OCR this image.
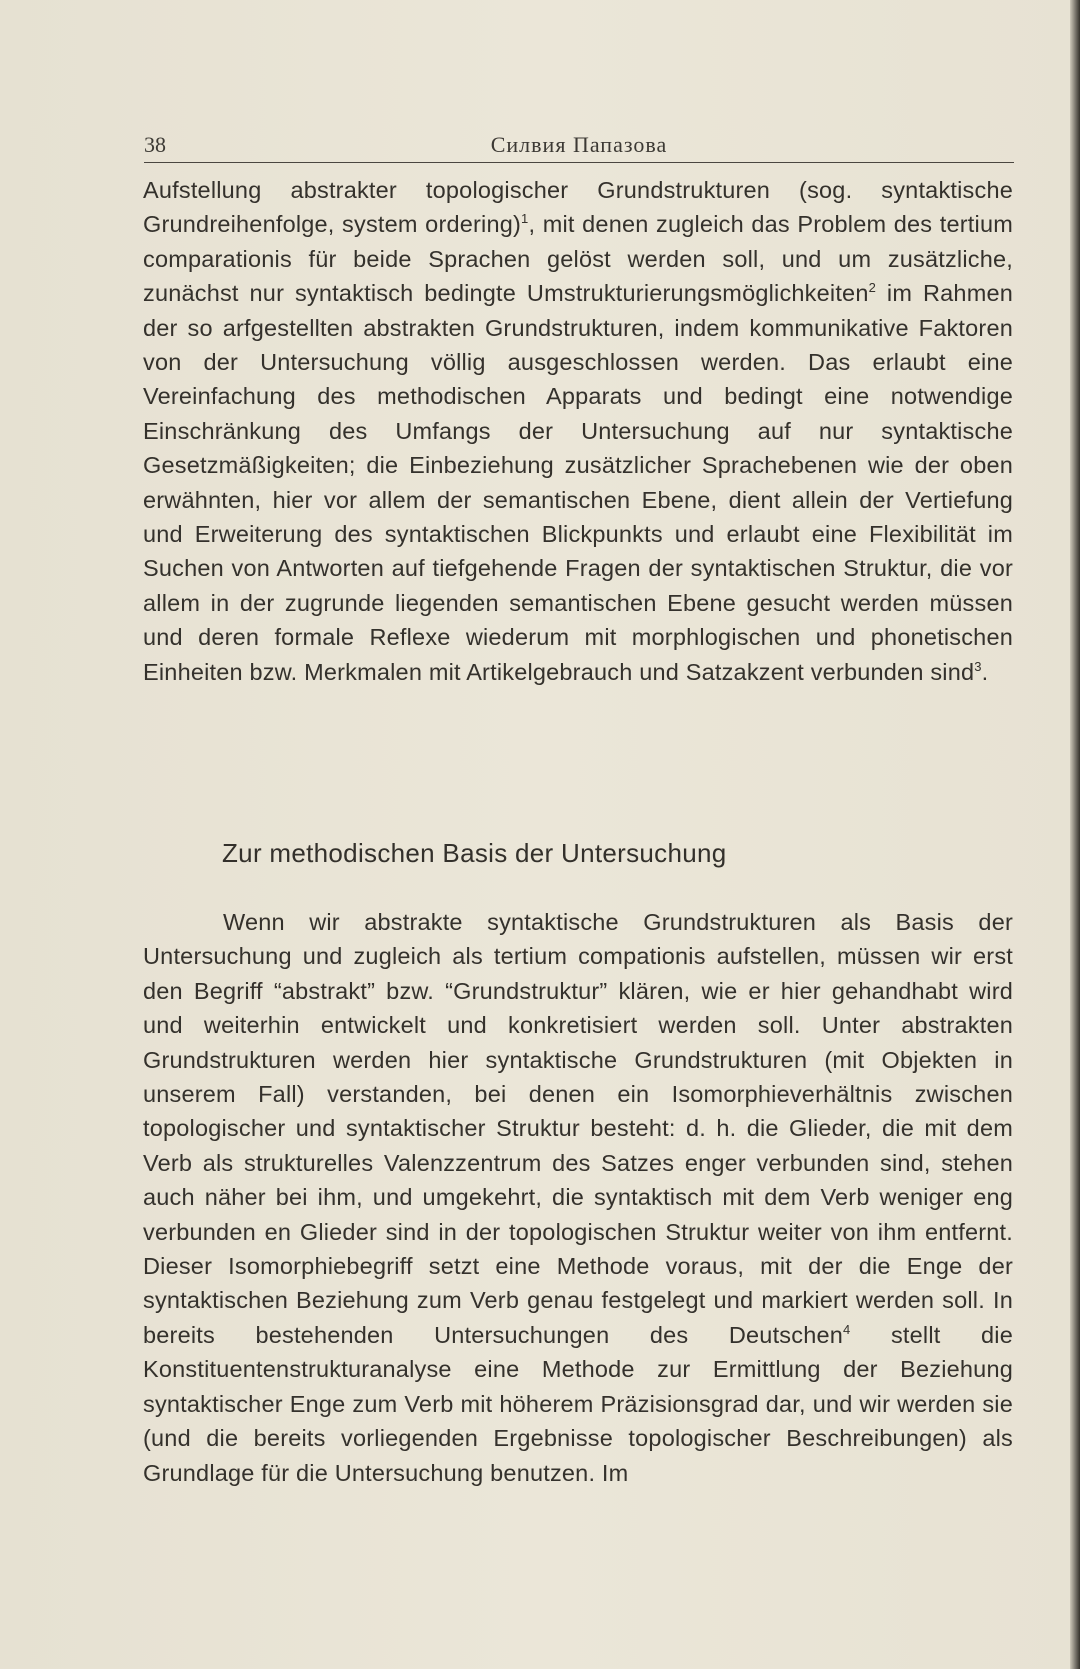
38	Силвия Папазова

Aufstellung abstrakter topologischer Grundstrukturen (sog. syntaktische Grundreihenfolge, system ordering)$^1$, mit denen zugleich das Problem des tertium comparationis für beide Sprachen gelöst werden soll, und um zusätzliche, zunächst nur syntaktisch bedingte Umstrukturierungsmöglichkeiten$^2$ im Rahmen der so arfgestellten abstrakten Grundstrukturen, indem kommunikative Faktoren von der Untersuchung völlig ausgeschlossen werden. Das erlaubt eine Vereinfachung des methodischen Apparats und bedingt eine notwendige Einschränkung des Umfangs der Untersuchung auf nur syntaktische Gesetzmäßigkeiten; die Einbeziehung zusätzlicher Sprachebenen wie der oben erwähnten, hier vor allem der semantischen Ebene, dient allein der Vertiefung und Erweiterung des syntaktischen Blickpunkts und erlaubt eine Flexibilität im Suchen von Antworten auf tiefgehende Fragen der syntaktischen Struktur, die vor allem in der zugrunde liegenden semantischen Ebene gesucht werden müssen und deren formale Reflexe wiederum mit morphlogischen und phonetischen Einheiten bzw. Merkmalen mit Artikelgebrauch und Satzakzent verbunden sind$^3$.

Zur methodischen Basis der Untersuchung

Wenn wir abstrakte syntaktische Grundstrukturen als Basis der Untersuchung und zugleich als tertium compationis aufstellen, müssen wir erst den Begriff “abstrakt” bzw. “Grundstruktur” klären, wie er hier gehandhabt wird und weiterhin entwickelt und konkretisiert werden soll. Unter abstrakten Grundstrukturen werden hier syntaktische Grundstrukturen (mit Objekten in unserem Fall) verstanden, bei denen ein Isomorphieverhältnis zwischen topologischer und syntaktischer Struktur besteht: d. h. die Glieder, die mit dem Verb als strukturelles Valenzzentrum des Satzes enger verbunden sind, stehen auch näher bei ihm, und umgekehrt, die syntaktisch mit dem Verb weniger eng verbunden en Glieder sind in der topologischen Struktur weiter von ihm entfernt. Dieser Isomorphiebegriff setzt eine Methode voraus, mit der die Enge der syntaktischen Beziehung zum Verb genau festgelegt und markiert werden soll. In bereits bestehenden Untersuchungen des Deutschen$^4$ stellt die Konstituentenstrukturanalyse eine Methode zur Ermittlung der Beziehung syntaktischer Enge zum Verb mit höherem Präzisionsgrad dar, und wir werden sie (und die bereits vorliegenden Ergebnisse topologischer Beschreibungen) als Grundlage für die Untersuchung benutzen. Im
